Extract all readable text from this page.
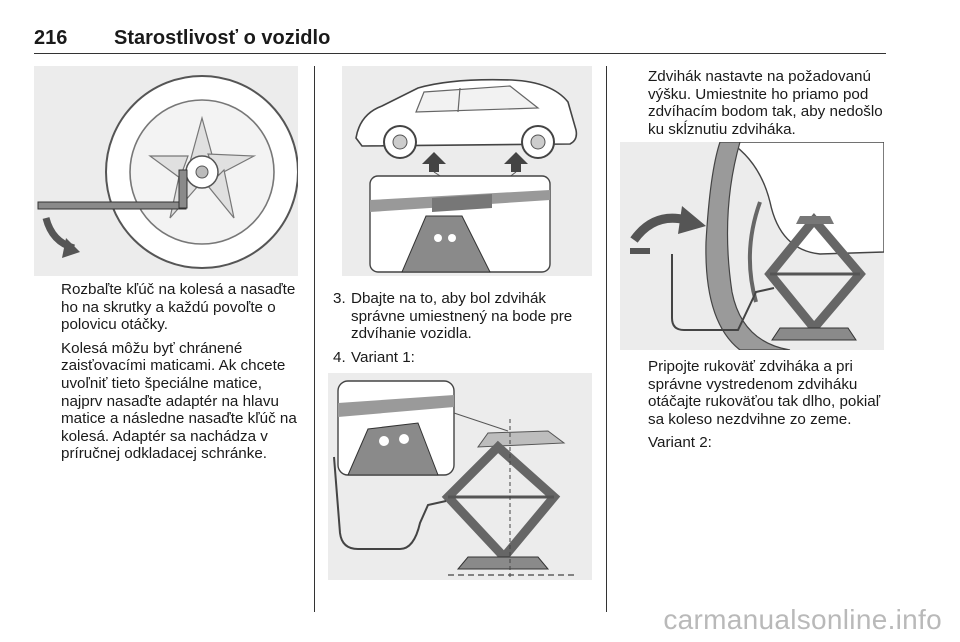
216 Starostlivosť o vozidlo

Rozbaľte kľúč na kolesá a nasaďte ho na skrutky a každú povoľte o polovicu otáčky.

Kolesá môžu byť chránené zaisťovacími maticami. Ak chcete uvoľniť tieto špeciálne matice, najprv nasaďte adaptér na hlavu matice a následne nasaďte kľúč na kolesá. Adaptér sa nachádza v príručnej odkladacej schránke.

3. Dbajte na to, aby bol zdvihák správne umiestnený na bode pre zdvíhanie vozidla.
4. Variant 1:

Zdvihák nastavte na požadovanú výšku. Umiestnite ho priamo pod zdvíhacím bodom tak, aby nedošlo ku skĺznutiu zdviháka.

Pripojte rukoväť zdviháka a pri správne vystredenom zdviháku otáčajte rukoväťou tak dlho, pokiaľ sa koleso nezdvihne zo zeme.

Variant 2:

carmanualsonline.info
